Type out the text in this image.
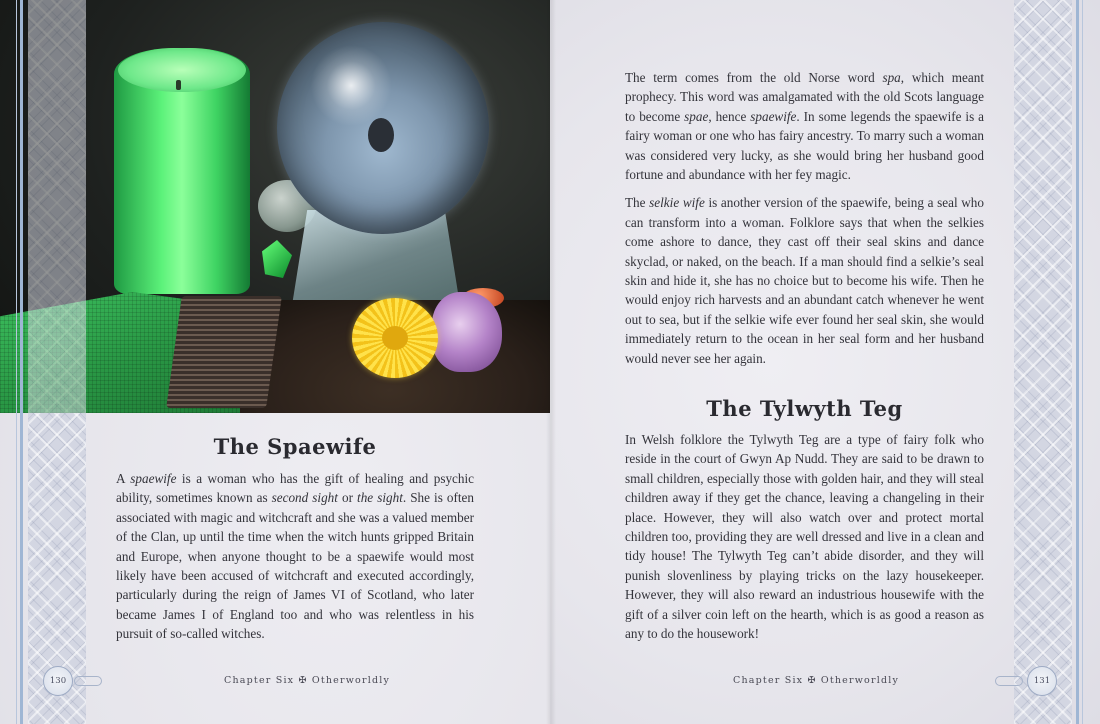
The Spaewife

A spaewife is a woman who has the gift of healing and psychic ability, sometimes known as second sight or the sight. She is often associated with magic and witchcraft and she was a valued member of the Clan, up until the time when the witch hunts gripped Britain and Europe, when anyone thought to be a spaewife would most likely have been accused of witchcraft and executed accordingly, particularly during the reign of James VI of Scotland, who later became James I of England too and who was relentless in his pursuit of so-called witches.

130	Chapter Six ✠ Otherworldly

The term comes from the old Norse word spa, which meant prophecy. This word was amalgamated with the old Scots language to become spae, hence spaewife. In some legends the spaewife is a fairy woman or one who has fairy ancestry. To marry such a woman was considered very lucky, as she would bring her husband good fortune and abundance with her fey magic.

The selkie wife is another version of the spaewife, being a seal who can transform into a woman. Folklore says that when the selkies come ashore to dance, they cast off their seal skins and dance skyclad, or naked, on the beach. If a man should find a selkie’s seal skin and hide it, she has no choice but to become his wife. Then he would enjoy rich harvests and an abundant catch whenever he went out to sea, but if the selkie wife ever found her seal skin, she would immediately return to the ocean in her seal form and her husband would never see her again.

The Tylwyth Teg

In Welsh folklore the Tylwyth Teg are a type of fairy folk who reside in the court of Gwyn Ap Nudd. They are said to be drawn to small children, especially those with golden hair, and they will steal children away if they get the chance, leaving a changeling in their place. However, they will also watch over and protect mortal children too, providing they are well dressed and live in a clean and tidy house! The Tylwyth Teg can’t abide disorder, and they will punish slovenliness by playing tricks on the lazy housekeeper. However, they will also reward an industrious housewife with the gift of a silver coin left on the hearth, which is as good a reason as any to do the housework!

Chapter Six ✠ Otherworldly	131
